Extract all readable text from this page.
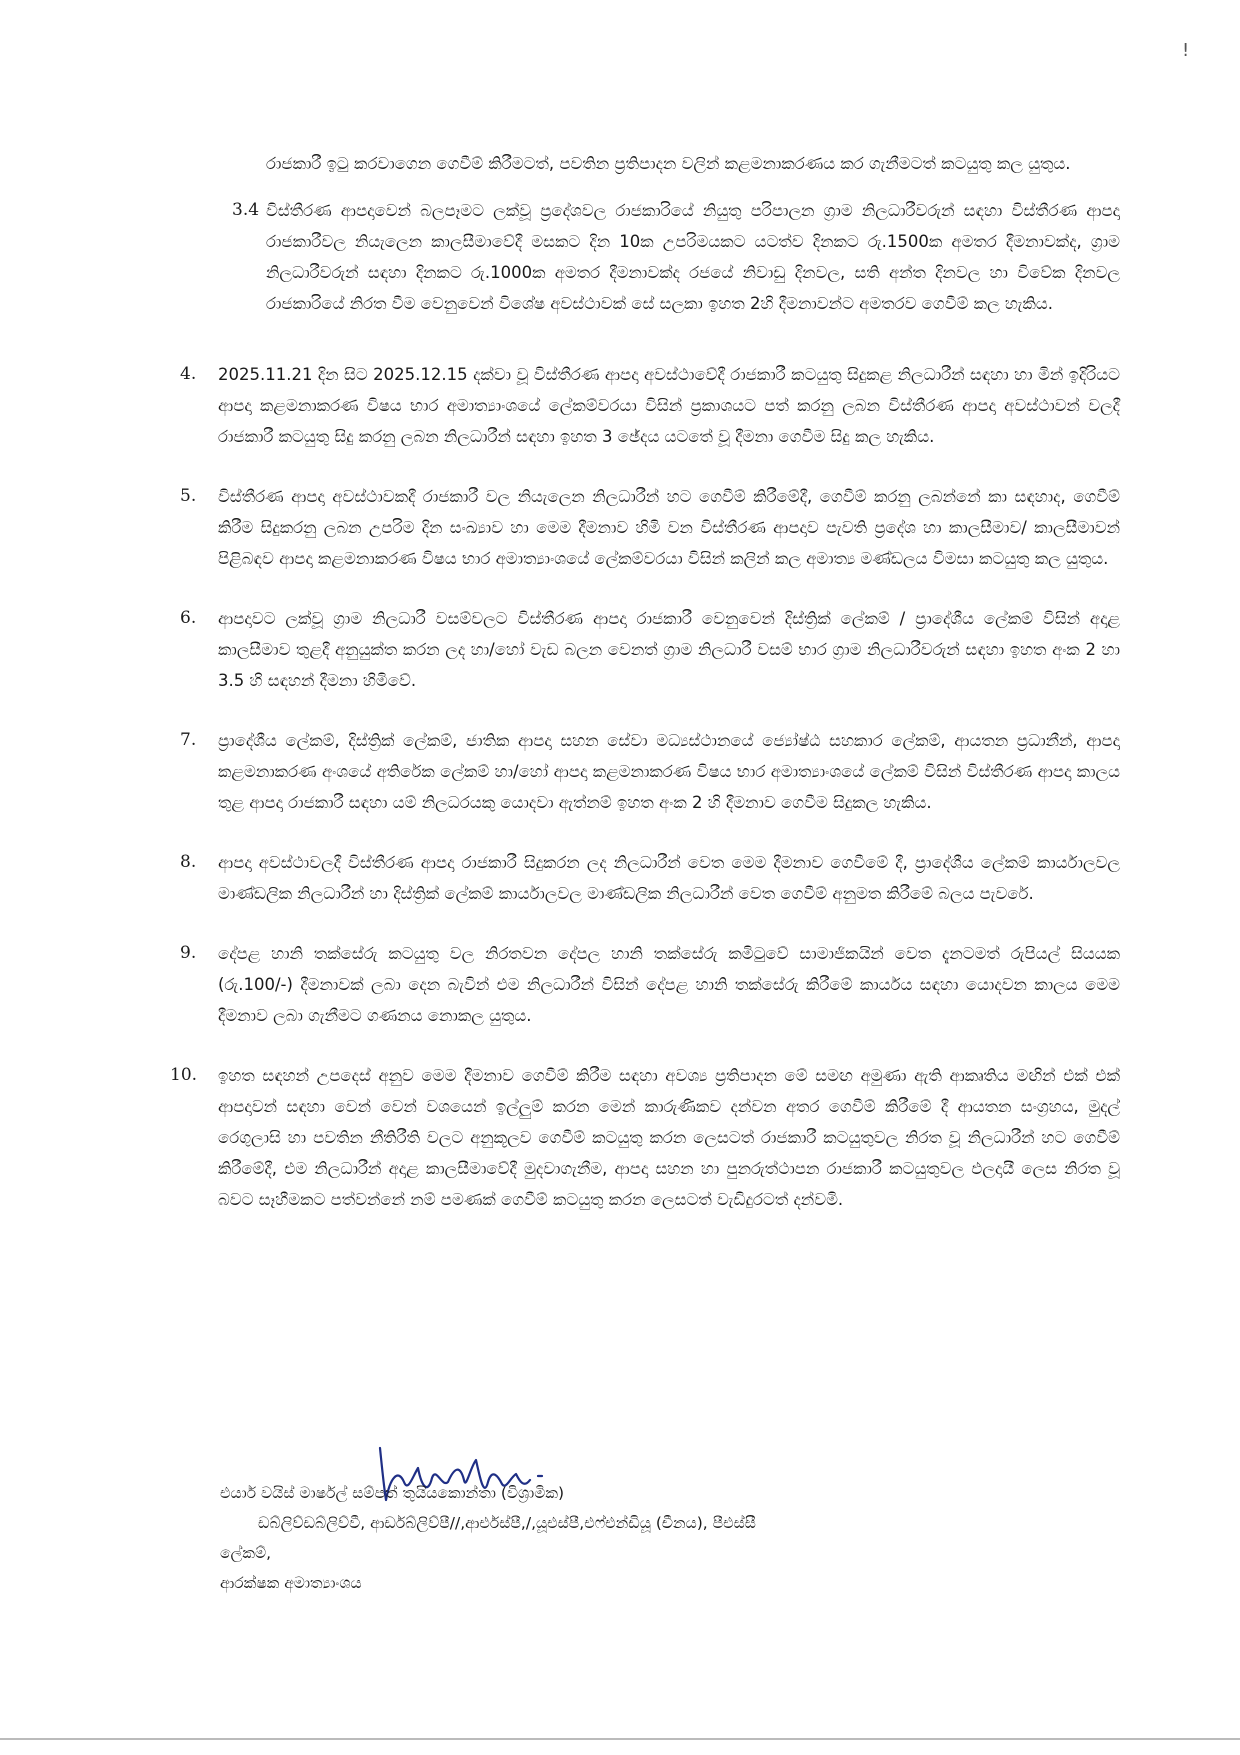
!

රාජකාරී ඉටු කරවාගෙන ගෙවීම් කිරීමටත්, පවතින ප්‍රතිපාදන වලින් කළමනාකරණය කර ගැනීමටත් කටයුතු කල යුතුය.

3.4 විස්තීරණ ආපදාවෙන් බලපෑමට ලක්වූ ප්‍රදේශවල රාජකාරියේ නියුතු පරිපාලන ග්‍රාම නිලධාරීවරුන් සඳහා විස්තීරණ ආපදා රාජකාරීවල නියැලෙන කාලසීමාවේදී මසකට දින 10ක උපරිමයකට යටත්ව දිනකට රු.1500ක අමතර දීමනාවක්ද, ග්‍රාම නිලධාරීවරුන් සඳහා දිනකට රු.1000ක අමතර දීමනාවක්ද රජයේ නිවාඩු දිනවල, සති අන්ත දිනවල හා විවේක දිනවල රාජකාරියේ නිරත වීම වෙනුවෙන් විශේෂ අවස්ථාවක් සේ සලකා ඉහත 2හි දීමනාවන්ට අමතරව ගෙවීම් කල හැකිය.

4. 2025.11.21 දින සිට 2025.12.15 දක්වා වූ විස්තීරණ ආපදා අවස්ථාවේදී රාජකාරී කටයුතු සිදුකළ නිලධාරීන් සඳහා හා මින් ඉදිරියට ආපදා කළමනාකරණ විෂය භාර අමාත්‍යාංශයේ ලේකම්වරයා විසින් ප්‍රකාශයට පත් කරනු ලබන විස්තීරණ ආපදා අවස්ථාවන් වලදී රාජකාරී කටයුතු සිදු කරනු ලබන නිලධාරීන් සඳහා ඉහත 3 ඡේදය යටතේ වූ දීමනා ගෙවීම සිදු කල හැකිය.

5. විස්තීරණ ආපදා අවස්ථාවකදී රාජකාරී වල නියැලෙන නිලධාරීන් හට ගෙවීම් කිරීමේදී, ගෙවීම් කරනු ලබන්නේ කා සඳහාද, ගෙවීම් කිරීම සිදුකරනු ලබන උපරිම දින සංඛ්‍යාව හා මෙම දීමනාව හිමි වන විස්තීරණ ආපදාව පැවති ප්‍රදේශ හා කාලසීමාව/ කාලසීමාවන් පිළිබඳව ආපදා කළමනාකරණ විෂය භාර අමාත්‍යාංශයේ ලේකම්වරයා විසින් කලින් කල අමාත්‍ය මණ්ඩලය විමසා කටයුතු කල යුතුය.

6. ආපදාවට ලක්වූ ග්‍රාම නිලධාරී වසම්වලට විස්තීරණ ආපදා රාජකාරී වෙනුවෙන් දිස්ත්‍රික් ලේකම් / ප්‍රාදේශීය ලේකම් විසින් අදාළ කාලසීමාව තුළදී අනුයුක්ත කරන ලද හා/හෝ වැඩ බලන වෙනත් ග්‍රාම නිලධාරී වසම් භාර ග්‍රාම නිලධාරීවරුන් සඳහා ඉහත අංක 2 හා 3.5 හි සඳහන් දීමනා හිමිවේ.

7. ප්‍රාදේශීය ලේකම්, දිස්ත්‍රික් ලේකම්, ජාතික ආපදා සහන සේවා මධ්‍යස්ථානයේ ජ්‍යෝෂ්ඨ සහකාර ලේකම්, ආයතන ප්‍රධානීන්, ආපදා කළමනාකරණ අංශයේ අතිරේක ලේකම් හා/හෝ ආපදා කළමනාකරණ විෂය භාර අමාත්‍යාංශයේ ලේකම් විසින් විස්තීරණ ආපදා කාලය තුළ ආපදා රාජකාරී සඳහා යම් නිලධරයකු යොදවා ඇත්නම් ඉහත අංක 2 හි දීමනාව ගෙවීම සිදුකල හැකිය.

8. ආපදා අවස්ථාවලදී විස්තීරණ ආපදා රාජකාරී සිදුකරන ලද නිලධාරීන් වෙත මෙම දීමනාව ගෙවීමේ දී, ප්‍රාදේශීය ලේකම් කාර්යාලවල මාණ්ඩලික නිලධාරීන් හා දිස්ත්‍රික් ලේකම් කාර්යාලවල මාණ්ඩලික නිලධාරීන් වෙත ගෙවීම් අනුමත කිරීමේ බලය පැවරේ.

9. දේපළ හානි තක්සේරු කටයුතු වල නිරතවන දේපල හානි තක්සේරු කමිටුවේ සාමාජිකයින් වෙත දැනටමත් රුපියල් සියයක (රු.100/-) දීමනාවක් ලබා දෙන බැවින් එම නිලධාරීන් විසින් දේපළ හානි තක්සේරු කිරීමේ කාර්යය සඳහා යොදවන කාලය මෙම දීමනාව ලබා ගැනීමට ගණනය නොකල යුතුය.

10. ඉහත සඳහන් උපදෙස් අනුව මෙම දීමනාව ගෙවීම් කිරීම සඳහා අවශ්‍ය ප්‍රතිපාදන මේ සමඟ අමුණා ඇති ආකෘතිය මඟින් එක් එක් ආපදාවන් සඳහා වෙන් වෙන් වශයෙන් ඉල්ලුම් කරන මෙන් කාරුණිකව දන්වන අතර ගෙවීම් කිරීමේ දී ආයතන සංග්‍රහය, මුදල් රෙගුලාසි හා පවතින නීතිරීති වලට අනුකූලව ගෙවීම් කටයුතු කරන ලෙසටත් රාජකාරී කටයුතුවල නිරත වූ නිලධාරීන් හට ගෙවීම් කිරීමේදී, එම නිලධාරීන් අදාළ කාලසීමාවේදී මුදවාගැනීම, ආපදා සහන හා පුනරුත්ථාපන රාජකාරී කටයුතුවල ඵලදායී ලෙස නිරත වූ බවට සෑහීමකට පත්වන්නේ නම් පමණක් ගෙවීම් කටයුතු කරන ලෙසටත් වැඩිදුරටත් දන්වමි.

එයාර් වයිස් මාර්ෂල් සම්පත් තුයියකොන්තා (විශ්‍රාමික)

ඩබ්ලිව්ඩබ්ලිව්වී, ආර්ඩබ්ලිව්පී//,ආර්එස්පී,/,යූඑස්පී,එෆ්එන්ඩියූ (චීනය), පීඑස්සී

ලේකම්,

ආරක්ෂක අමාත්‍යාංශය
